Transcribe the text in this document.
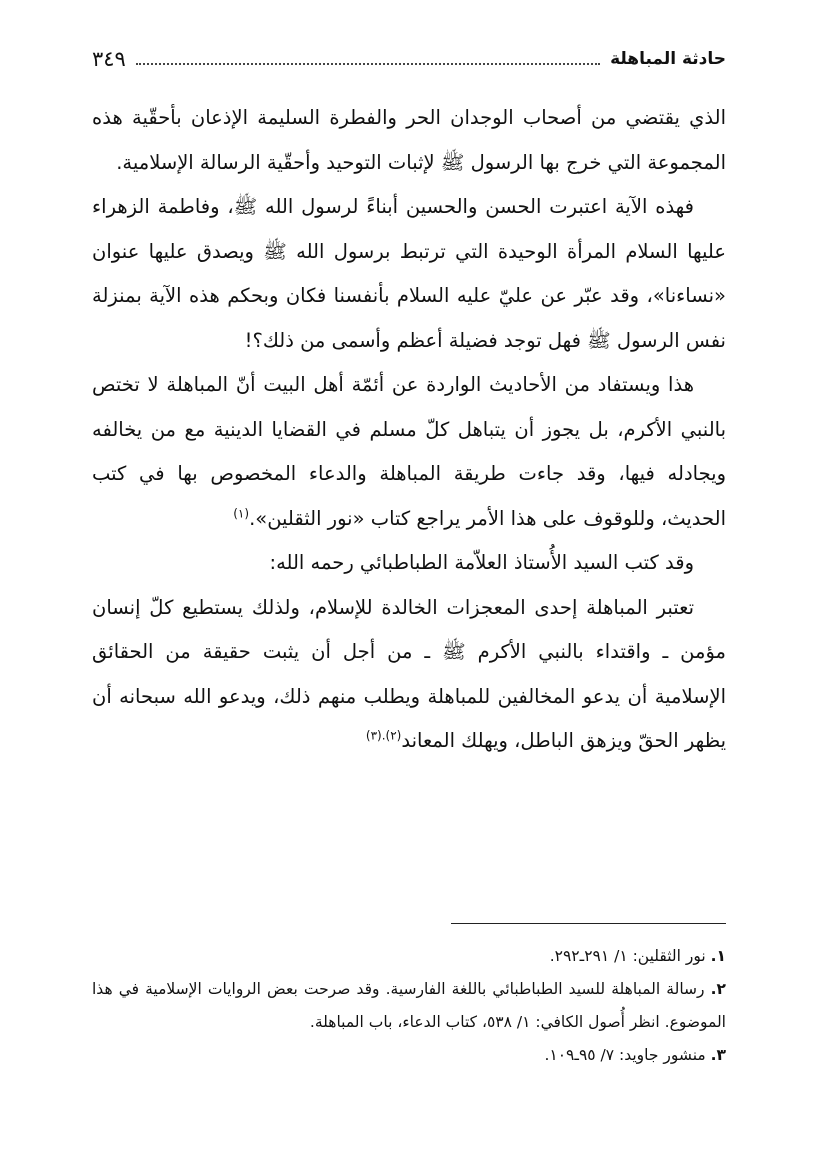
حادثة المباهلة
٣٤٩

الذي يقتضي من أصحاب الوجدان الحر والفطرة السليمة الإذعان بأحقّية هذه المجموعة التي خرج بها الرسول ﷺ لإثبات التوحيد وأحقّية الرسالة الإسلامية.

فهذه الآية اعتبرت الحسن والحسين أبناءً لرسول الله ﷺ، وفاطمة الزهراء عليها السلام المرأة الوحيدة التي ترتبط برسول الله ﷺ ويصدق عليها عنوان «نساءنا»، وقد عبّر عن عليّ عليه السلام بأنفسنا فكان وبحكم هذه الآية بمنزلة نفس الرسول ﷺ فهل توجد فضيلة أعظم وأسمى من ذلك؟!

هذا ويستفاد من الأحاديث الواردة عن أئمّة أهل البيت أنّ المباهلة لا تختص بالنبي الأكرم، بل يجوز أن يتباهل كلّ مسلم في القضايا الدينية مع من يخالفه ويجادله فيها، وقد جاءت طريقة المباهلة والدعاء المخصوص بها في كتب الحديث، وللوقوف على هذا الأمر يراجع كتاب «نور الثقلين».$^{(١)}$

وقد كتب السيد الأُستاذ العلاّمة الطباطبائي رحمه الله:

تعتبر المباهلة إحدى المعجزات الخالدة للإسلام، ولذلك يستطيع كلّ إنسان مؤمن ـ واقتداء بالنبي الأكرم ﷺ ـ من أجل أن يثبت حقيقة من الحقائق الإسلامية أن يدعو المخالفين للمباهلة ويطلب منهم ذلك، ويدعو الله سبحانه أن يظهر الحقّ ويزهق الباطل، ويهلك المعاند$^{(٢).(٣)}$

١. نور الثقلين: ١/ ٢٩١ـ٢٩٢.

٢. رسالة المباهلة للسيد الطباطبائي باللغة الفارسية. وقد صرحت بعض الروايات الإسلامية في هذا الموضوع. انظر أُصول الكافي: ١/ ٥٣٨، كتاب الدعاء، باب المباهلة.

٣. منشور جاويد: ٧/ ٩٥ـ١٠٩.
